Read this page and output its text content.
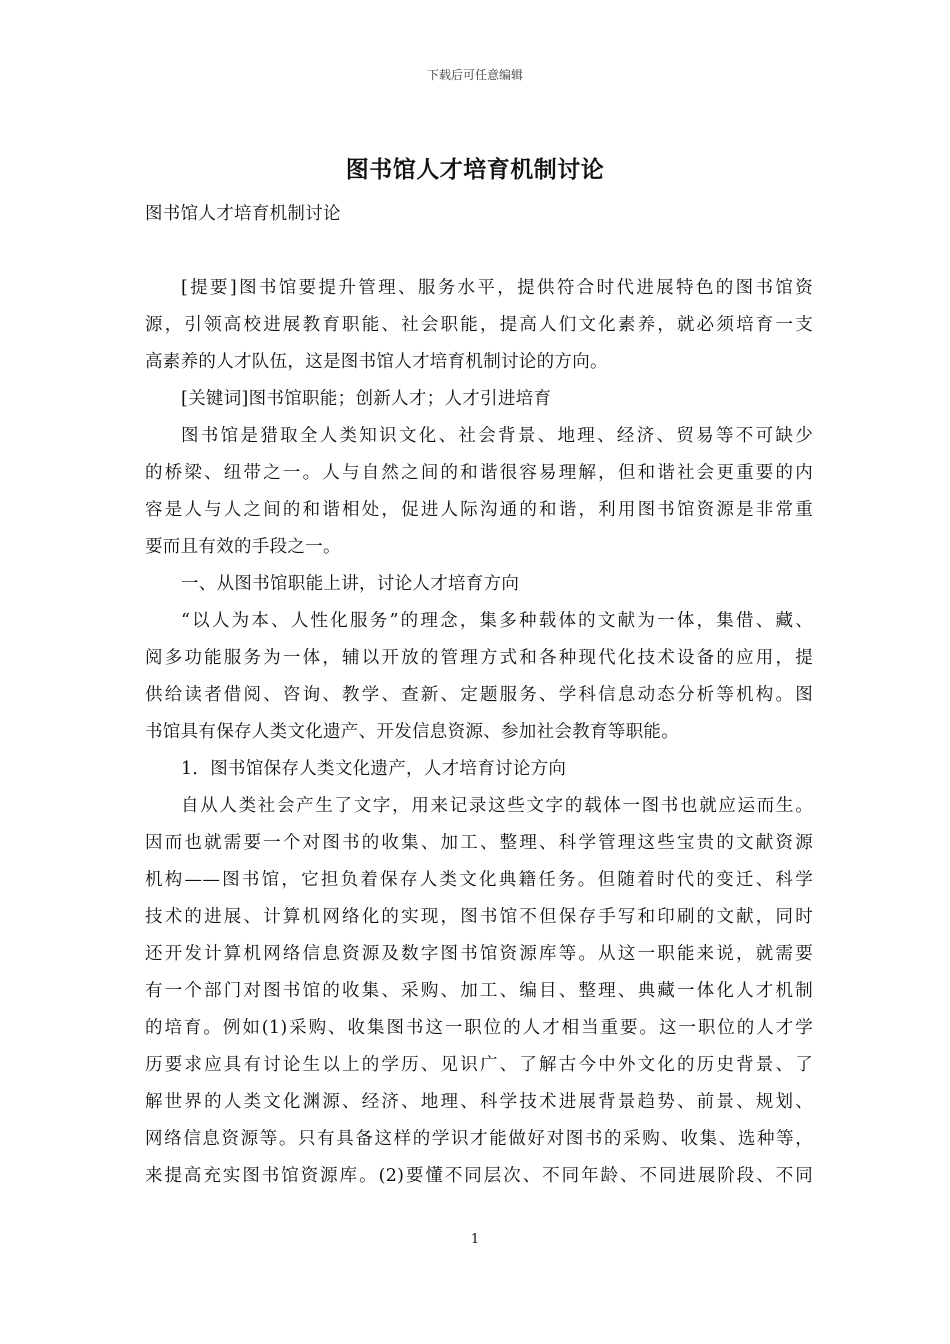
下载后可任意编辑
图书馆人才培育机制讨论
图书馆人才培育机制讨论
[提要]图书馆要提升管理、服务水平，提供符合时代进展特色的图书馆资
源，引领高校进展教育职能、社会职能，提高人们文化素养，就必须培育一支
高素养的人才队伍，这是图书馆人才培育机制讨论的方向。
[关键词]图书馆职能；创新人才；人才引进培育
图书馆是猎取全人类知识文化、社会背景、地理、经济、贸易等不可缺少
的桥梁、纽带之一。人与自然之间的和谐很容易理解，但和谐社会更重要的内
容是人与人之间的和谐相处，促进人际沟通的和谐，利用图书馆资源是非常重
要而且有效的手段之一。
一、从图书馆职能上讲，讨论人才培育方向
“以人为本、人性化服务”的理念，集多种载体的文献为一体，集借、藏、
阅多功能服务为一体，辅以开放的管理方式和各种现代化技术设备的应用，提
供给读者借阅、咨询、教学、查新、定题服务、学科信息动态分析等机构。图
书馆具有保存人类文化遗产、开发信息资源、参加社会教育等职能。
1．图书馆保存人类文化遗产，人才培育讨论方向
自从人类社会产生了文字，用来记录这些文字的载体一图书也就应运而生。
因而也就需要一个对图书的收集、加工、整理、科学管理这些宝贵的文献资源
机构——图书馆，它担负着保存人类文化典籍任务。但随着时代的变迁、科学
技术的进展、计算机网络化的实现，图书馆不但保存手写和印刷的文献，同时
还开发计算机网络信息资源及数字图书馆资源库等。从这一职能来说，就需要
有一个部门对图书馆的收集、采购、加工、编目、整理、典藏一体化人才机制
的培育。例如(1)采购、收集图书这一职位的人才相当重要。这一职位的人才学
历要求应具有讨论生以上的学历、见识广、了解古今中外文化的历史背景、了
解世界的人类文化渊源、经济、地理、科学技术进展背景趋势、前景、规划、
网络信息资源等。只有具备这样的学识才能做好对图书的采购、收集、选种等，
来提高充实图书馆资源库。(2)要懂不同层次、不同年龄、不同进展阶段、不同
1
